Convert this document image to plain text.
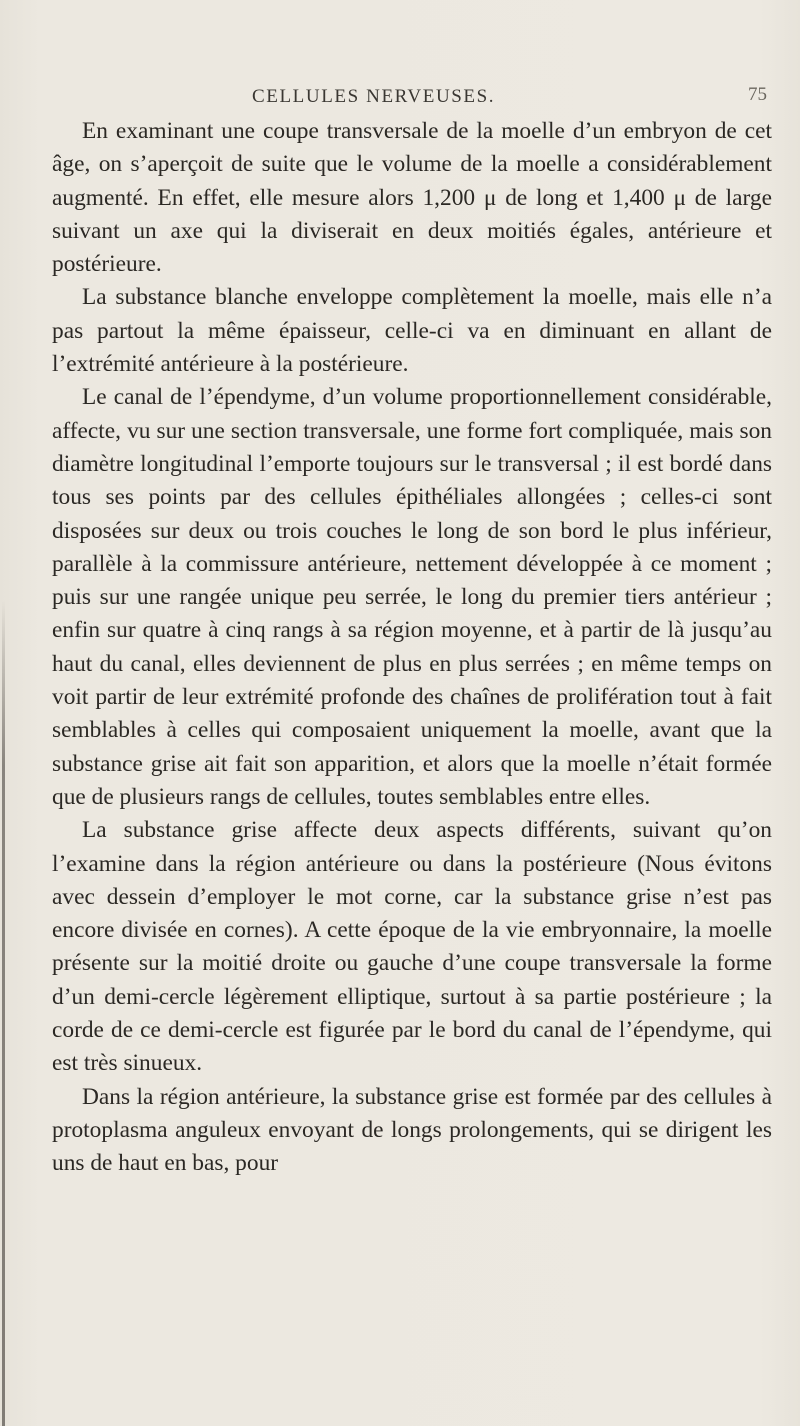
CELLULES NERVEUSES.	75

En examinant une coupe transversale de la moelle d’un embryon de cet âge, on s’aperçoit de suite que le volume de la moelle a considérablement augmenté. En effet, elle mesure alors 1,200 μ de long et 1,400 μ de large suivant un axe qui la diviserait en deux moitiés égales, antérieure et postérieure.

La substance blanche enveloppe complètement la moelle, mais elle n’a pas partout la même épaisseur, celle-ci va en diminuant en allant de l’extrémité antérieure à la postérieure.

Le canal de l’épendyme, d’un volume proportionnellement considérable, affecte, vu sur une section transversale, une forme fort compliquée, mais son diamètre longitudinal l’emporte toujours sur le transversal ; il est bordé dans tous ses points par des cellules épithéliales allongées ; celles-ci sont disposées sur deux ou trois couches le long de son bord le plus inférieur, parallèle à la commissure antérieure, nettement développée à ce moment ; puis sur une rangée unique peu serrée, le long du premier tiers antérieur ; enfin sur quatre à cinq rangs à sa région moyenne, et à partir de là jusqu’au haut du canal, elles deviennent de plus en plus serrées ; en même temps on voit partir de leur extrémité profonde des chaînes de prolifération tout à fait semblables à celles qui composaient uniquement la moelle, avant que la substance grise ait fait son apparition, et alors que la moelle n’était formée que de plusieurs rangs de cellules, toutes semblables entre elles.

La substance grise affecte deux aspects différents, suivant qu’on l’examine dans la région antérieure ou dans la postérieure (Nous évitons avec dessein d’employer le mot corne, car la substance grise n’est pas encore divisée en cornes). A cette époque de la vie embryonnaire, la moelle présente sur la moitié droite ou gauche d’une coupe transversale la forme d’un demi-cercle légèrement elliptique, surtout à sa partie postérieure ; la corde de ce demi-cercle est figurée par le bord du canal de l’épendyme, qui est très sinueux.

Dans la région antérieure, la substance grise est formée par des cellules à protoplasma anguleux envoyant de longs prolongements, qui se dirigent les uns de haut en bas, pour
